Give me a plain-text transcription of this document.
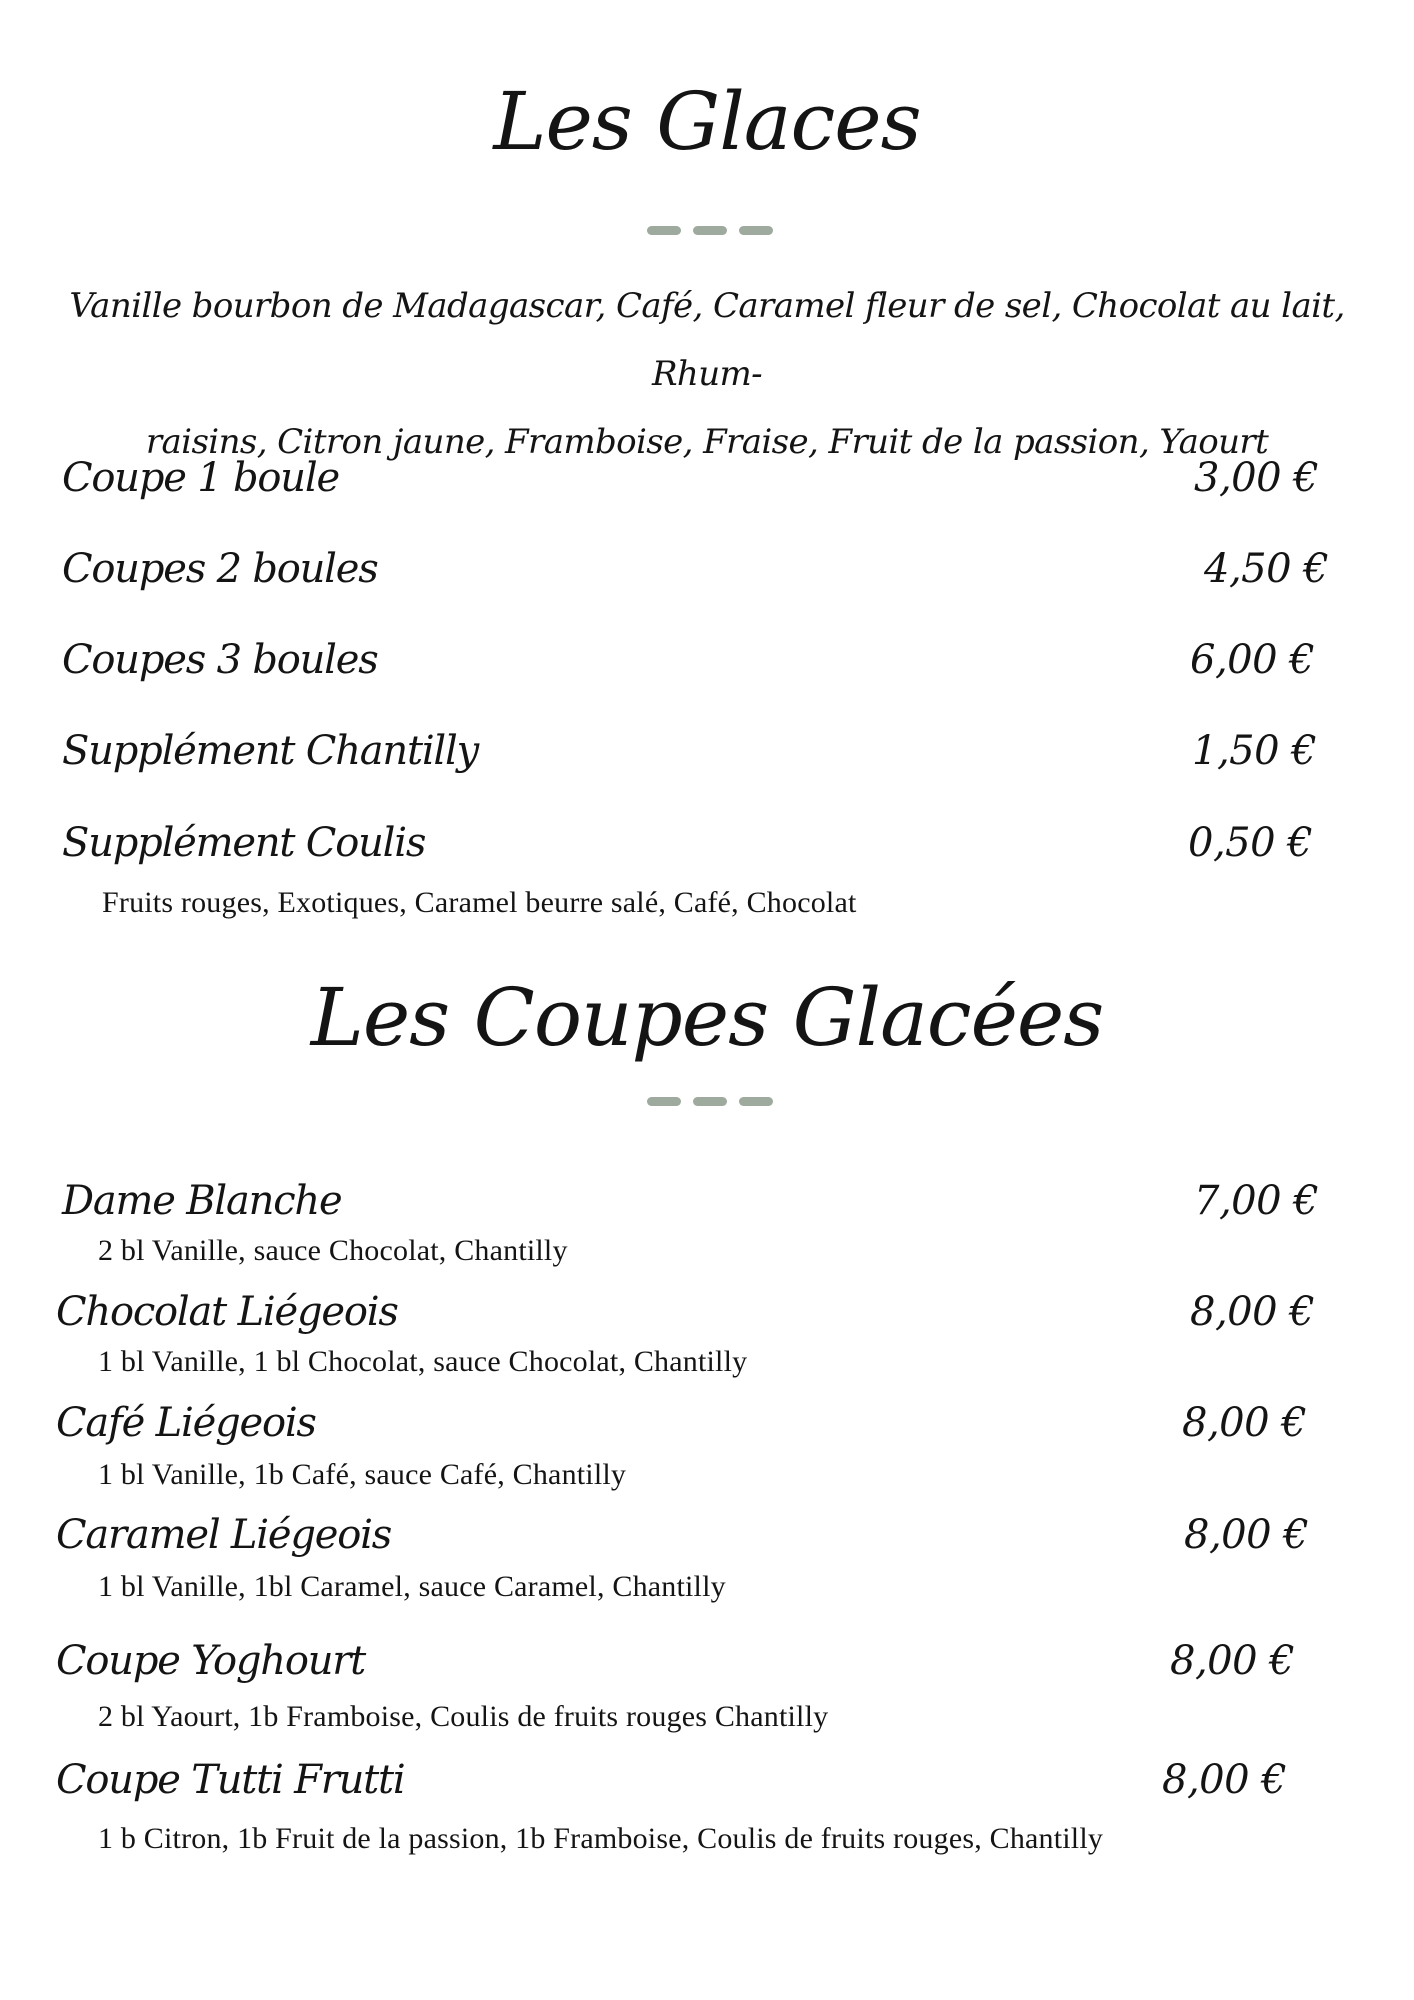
Les Glaces
Vanille bourbon de Madagascar, Café, Caramel fleur de sel, Chocolat au lait, Rhum-
raisins, Citron jaune, Framboise, Fraise, Fruit de la passion, Yaourt
Coupe 1 boule	3,00 €
Coupes 2 boules	4,50 €
Coupes 3 boules	6,00 €
Supplément Chantilly	1,50 €
Supplément Coulis	0,50 €
Fruits rouges, Exotiques, Caramel beurre salé, Café, Chocolat
Les Coupes Glacées
Dame Blanche	7,00 €
2 bl Vanille, sauce Chocolat, Chantilly
Chocolat Liégeois	8,00 €
1 bl Vanille, 1 bl Chocolat, sauce Chocolat, Chantilly
Café Liégeois	8,00 €
1 bl Vanille, 1b Café, sauce Café, Chantilly
Caramel Liégeois	8,00 €
1 bl Vanille, 1bl Caramel, sauce Caramel, Chantilly
Coupe Yoghourt	8,00 €
2 bl Yaourt, 1b Framboise, Coulis de fruits rouges Chantilly
Coupe Tutti Frutti	8,00 €
1 b Citron, 1b Fruit de la passion, 1b Framboise, Coulis de fruits rouges, Chantilly
